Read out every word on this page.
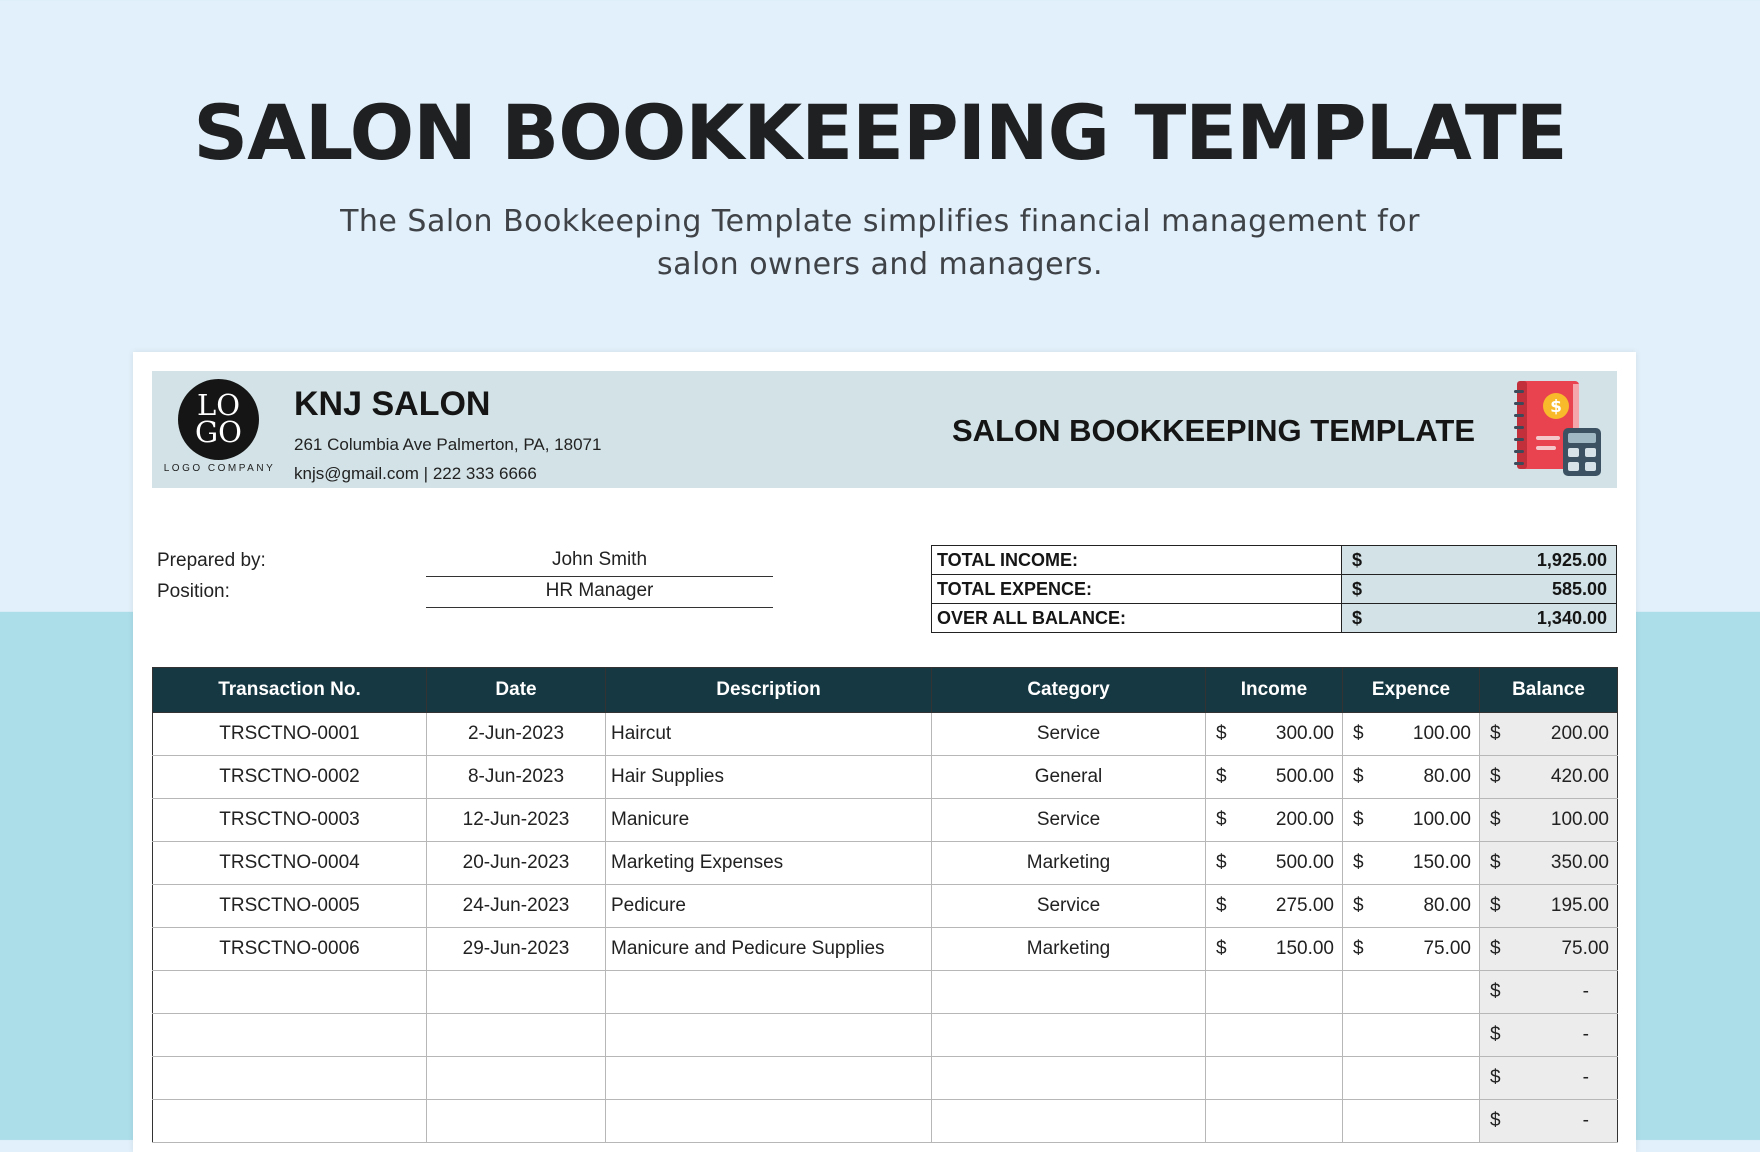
SALON BOOKKEEPING TEMPLATE

The Salon Bookkeeping Template simplifies financial management for salon owners and managers.

LO
GO
LOGO COMPANY
KNJ SALON
261 Columbia Ave Palmerton, PA, 18071
knjs@gmail.com | 222 333 6666
SALON BOOKKEEPING TEMPLATE
$
Prepared by:	John Smith
Position:	HR Manager
TOTAL INCOME:	$ 1,925.00

TOTAL EXPENCE:	$ 585.00

OVER ALL BALANCE:	$ 1,340.00
Transaction No.	Date	Description	Category	Income	Expence	Balance
TRSCTNO-0001	2-Jun-2023	Haircut	Service	$ 300.00	$ 100.00	$ 200.00
TRSCTNO-0002	8-Jun-2023	Hair Supplies	General	$ 500.00	$ 80.00	$ 420.00
TRSCTNO-0003	12-Jun-2023	Manicure	Service	$ 200.00	$ 100.00	$ 100.00
TRSCTNO-0004	20-Jun-2023	Marketing Expenses	Marketing	$ 500.00	$ 150.00	$ 350.00
TRSCTNO-0005	24-Jun-2023	Pedicure	Service	$ 275.00	$ 80.00	$ 195.00
TRSCTNO-0006	29-Jun-2023	Manicure and Pedicure Supplies	Marketing	$ 150.00	$ 75.00	$ 75.00

						$ -

						$ -

						$ -

						$ -
